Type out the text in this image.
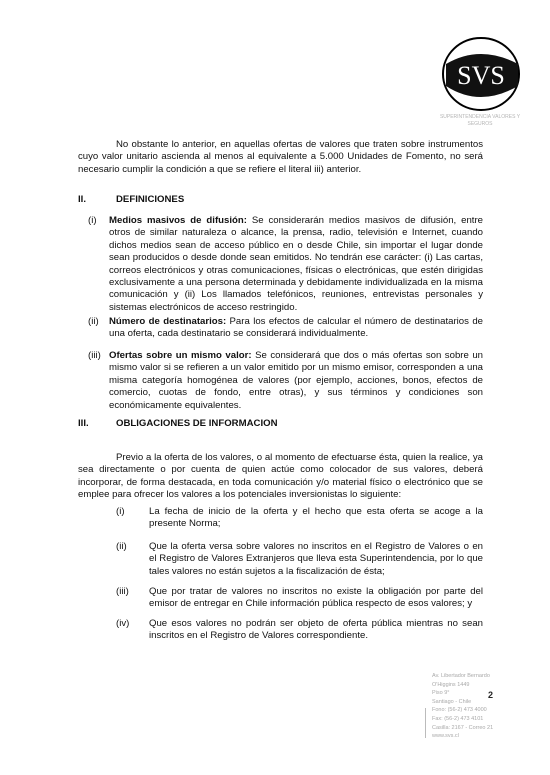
SVS
SUPERINTENDENCIA VALORES Y SEGUROS
No obstante lo anterior, en aquellas ofertas de valores que traten sobre instrumentos cuyo valor unitario ascienda al menos al equivalente a 5.000 Unidades de Fomento, no será necesario cumplir la condición a que se refiere el literal iii) anterior.
II.	DEFINICIONES
(i) Medios masivos de difusión: Se considerarán medios masivos de difusión, entre otros de similar naturaleza o alcance, la prensa, radio, televisión e Internet, cuando dichos medios sean de acceso público en o desde Chile, sin importar el lugar donde sean producidos o desde donde sean emitidos. No tendrán ese carácter: (i) Las cartas, correos electrónicos y otras comunicaciones, físicas o electrónicas, que estén dirigidas exclusivamente a una persona determinada y debidamente individualizada en la misma comunicación y (ii) Los llamados telefónicos, reuniones, entrevistas personales y sistemas electrónicos de acceso restringido.
(ii) Número de destinatarios: Para los efectos de calcular el número de destinatarios de una oferta, cada destinatario se considerará individualmente.
(iii) Ofertas sobre un mismo valor: Se considerará que dos o más ofertas son sobre un mismo valor si se refieren a un valor emitido por un mismo emisor, corresponden a una misma categoría homogénea de valores (por ejemplo, acciones, bonos, efectos de comercio, cuotas de fondo, entre otras), y sus términos y condiciones son económicamente equivalentes.
III.	OBLIGACIONES DE INFORMACION
Previo a la oferta de los valores, o al momento de efectuarse ésta, quien la realice, ya sea directamente o por cuenta de quien actúe como colocador de sus valores, deberá incorporar, de forma destacada, en toda comunicación y/o material físico o electrónico que se emplee para ofrecer los valores a los potenciales inversionistas lo siguiente:
(i)	La fecha de inicio de la oferta y el hecho que esta oferta se acoge a la presente Norma;
(ii) Que la oferta versa sobre valores no inscritos en el Registro de Valores o en el Registro de Valores Extranjeros que lleva esta Superintendencia, por lo que tales valores no están sujetos a la fiscalización de ésta;
(iii) Que por tratar de valores no inscritos no existe la obligación por parte del emisor de entregar en Chile información pública respecto de esos valores; y
(iv) Que esos valores no podrán ser objeto de oferta pública mientras no sean inscritos en el Registro de Valores correspondiente.
Av. Libertador Bernardo
O'Higgins 1449
Piso 9°
Santiago - Chile
Fono: (56-2) 473 4000
Fax: (56-2) 473 4101
Casilla: 2167 - Correo 21
www.svs.cl
2
